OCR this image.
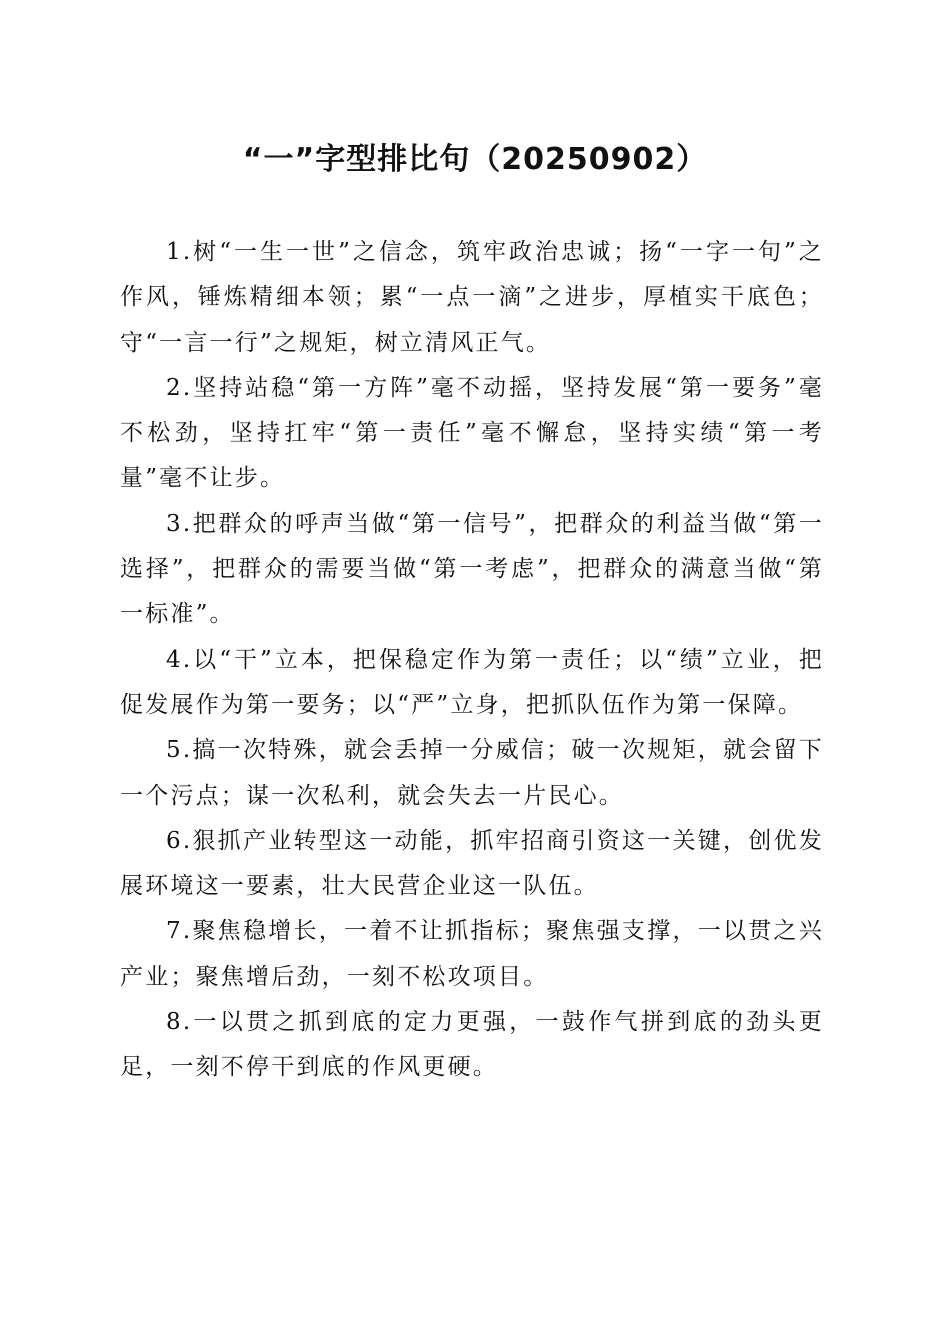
“一”字型排比句（20250902）

1.树“一生一世”之信念，筑牢政治忠诚；扬“一字一句”之作风，锤炼精细本领；累“一点一滴”之进步，厚植实干底色；守“一言一行”之规矩，树立清风正气。

2.坚持站稳“第一方阵”毫不动摇，坚持发展“第一要务”毫不松劲，坚持扛牢“第一责任”毫不懈怠，坚持实绩“第一考量”毫不让步。

3.把群众的呼声当做“第一信号”，把群众的利益当做“第一选择”，把群众的需要当做“第一考虑”，把群众的满意当做“第一标准”。

4.以“干”立本，把保稳定作为第一责任；以“绩”立业，把促发展作为第一要务；以“严”立身，把抓队伍作为第一保障。

5.搞一次特殊，就会丢掉一分威信；破一次规矩，就会留下一个污点；谋一次私利，就会失去一片民心。

6.狠抓产业转型这一动能，抓牢招商引资这一关键，创优发展环境这一要素，壮大民营企业这一队伍。

7.聚焦稳增长，一着不让抓指标；聚焦强支撑，一以贯之兴产业；聚焦增后劲，一刻不松攻项目。

8.一以贯之抓到底的定力更强，一鼓作气拼到底的劲头更足，一刻不停干到底的作风更硬。
